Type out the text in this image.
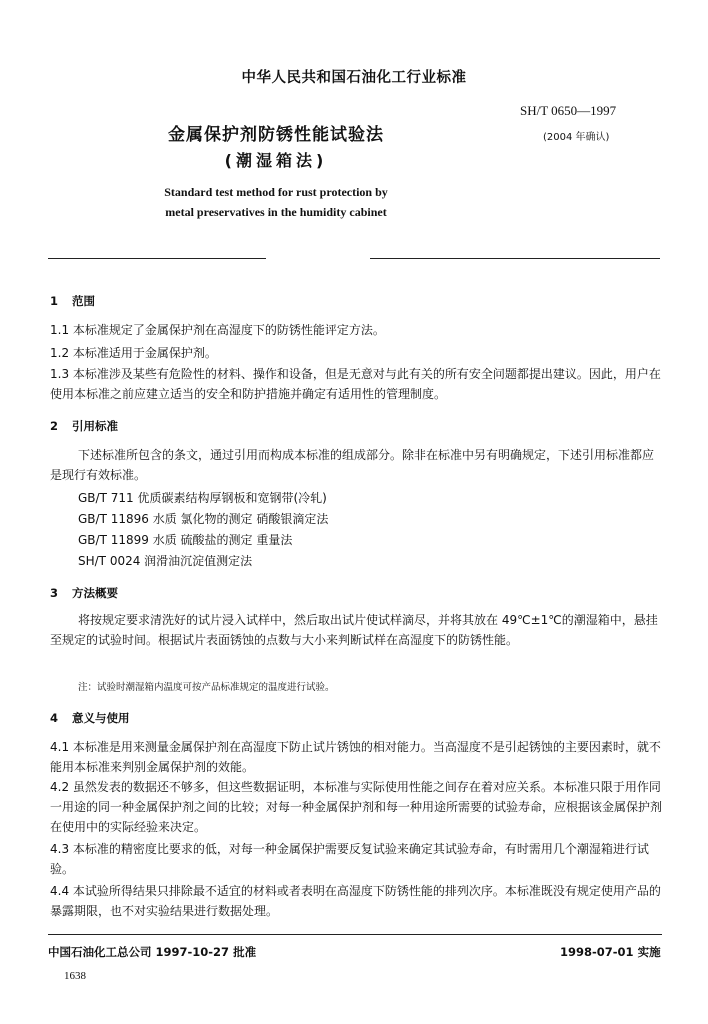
中华人民共和国石油化工行业标准
SH/T 0650—1997
(2004 年确认)
金属保护剂防锈性能试验法
(潮湿箱法)
Standard test method for rust protection by
metal preservatives in the humidity cabinet
1 范围
1.1 本标准规定了金属保护剂在高湿度下的防锈性能评定方法。
1.2 本标准适用于金属保护剂。
1.3 本标准涉及某些有危险性的材料、操作和设备，但是无意对与此有关的所有安全问题都提出建议。因此，用户在使用本标准之前应建立适当的安全和防护措施并确定有适用性的管理制度。
2 引用标准
下述标准所包含的条文，通过引用而构成本标准的组成部分。除非在标准中另有明确规定，下述引用标准都应是现行有效标准。
GB/T 711 优质碳素结构厚钢板和宽钢带(冷轧)
GB/T 11896 水质 氯化物的测定 硝酸银滴定法
GB/T 11899 水质 硫酸盐的测定 重量法
SH/T 0024 润滑油沉淀值测定法
3 方法概要
将按规定要求清洗好的试片浸入试样中，然后取出试片使试样滴尽，并将其放在 49℃±1℃的潮湿箱中，悬挂至规定的试验时间。根据试片表面锈蚀的点数与大小来判断试样在高湿度下的防锈性能。
注：试验时潮湿箱内温度可按产品标准规定的温度进行试验。
4 意义与使用
4.1 本标准是用来测量金属保护剂在高湿度下防止试片锈蚀的相对能力。当高湿度不是引起锈蚀的主要因素时，就不能用本标准来判别金属保护剂的效能。
4.2 虽然发表的数据还不够多，但这些数据证明，本标准与实际使用性能之间存在着对应关系。本标准只限于用作同一用途的同一种金属保护剂之间的比较；对每一种金属保护剂和每一种用途所需要的试验寿命，应根据该金属保护剂在使用中的实际经验来决定。
4.3 本标准的精密度比要求的低，对每一种金属保护需要反复试验来确定其试验寿命，有时需用几个潮湿箱进行试验。
4.4 本试验所得结果只排除最不适宜的材料或者表明在高湿度下防锈性能的排列次序。本标准既没有规定使用产品的暴露期限，也不对实验结果进行数据处理。
中国石油化工总公司 1997-10-27 批准	1998-07-01 实施
1638
